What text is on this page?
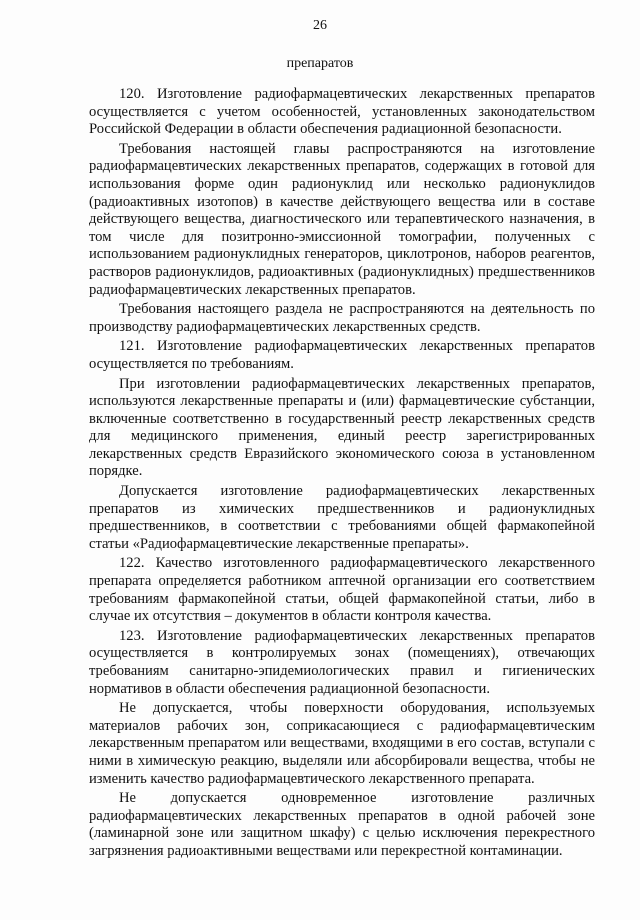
26
препаратов

120. Изготовление радиофармацевтических лекарственных препаратов осуществляется с учетом особенностей, установленных законодательством Российской Федерации в области обеспечения радиационной безопасности.

Требования настоящей главы распространяются на изготовление радиофармацевтических лекарственных препаратов, содержащих в готовой для использования форме один радионуклид или несколько радионуклидов (радиоактивных изотопов) в качестве действующего вещества или в составе действующего вещества, диагностического или терапевтического назначения, в том числе для позитронно-эмиссионной томографии, полученных с использованием радионуклидных генераторов, циклотронов, наборов реагентов, растворов радионуклидов, радиоактивных (радионуклидных) предшественников радиофармацевтических лекарственных препаратов.

Требования настоящего раздела не распространяются на деятельность по производству радиофармацевтических лекарственных средств.

121. Изготовление радиофармацевтических лекарственных препаратов осуществляется по требованиям.

При изготовлении радиофармацевтических лекарственных препаратов, используются лекарственные препараты и (или) фармацевтические субстанции, включенные соответственно в государственный реестр лекарственных средств для медицинского применения, единый реестр зарегистрированных лекарственных средств Евразийского экономического союза в установленном порядке.

Допускается изготовление радиофармацевтических лекарственных препаратов из химических предшественников и радионуклидных предшественников, в соответствии с требованиями общей фармакопейной статьи «Радиофармацевтические лекарственные препараты».

122. Качество изготовленного радиофармацевтического лекарственного препарата определяется работником аптечной организации его соответствием требованиям фармакопейной статьи, общей фармакопейной статьи, либо в случае их отсутствия – документов в области контроля качества.

123. Изготовление радиофармацевтических лекарственных препаратов осуществляется в контролируемых зонах (помещениях), отвечающих требованиям санитарно-эпидемиологических правил и гигиенических нормативов в области обеспечения радиационной безопасности.

Не допускается, чтобы поверхности оборудования, используемых материалов рабочих зон, соприкасающиеся с радиофармацевтическим лекарственным препаратом или веществами, входящими в его состав, вступали с ними в химическую реакцию, выделяли или абсорбировали вещества, чтобы не изменить качество радиофармацевтического лекарственного препарата.

Не допускается одновременное изготовление различных радиофармацевтических лекарственных препаратов в одной рабочей зоне (ламинарной зоне или защитном шкафу) с целью исключения перекрестного загрязнения радиоактивными веществами или перекрестной контаминации.
